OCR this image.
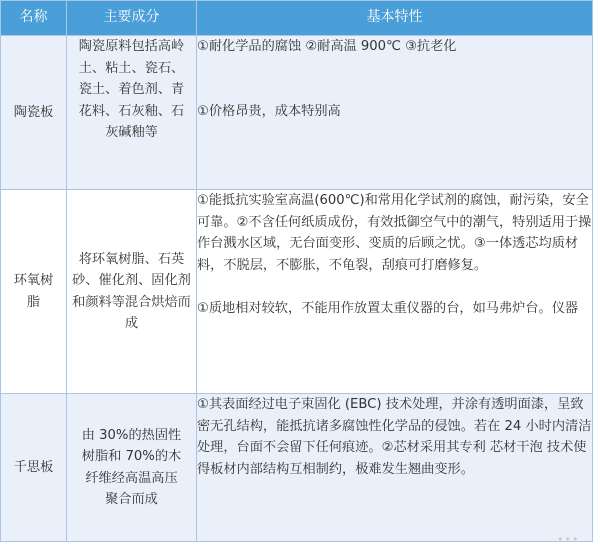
名称	主要成分	基本特性

陶瓷板	陶瓷原料包括高岭土、粘土、瓷石、瓷土、着色剂、青花料、石灰釉、石灰碱釉等	①耐化学品的腐蚀 ②耐高温 900℃ ③抗老化
①价格昂贵，成本特别高

环氧树脂	将环氧树脂、石英砂、催化剂、固化剂和颜料等混合烘焙而成	①能抵抗实验室高温(600℃)和常用化学试剂的腐蚀，耐污染，安全可靠。②不含任何纸质成份，有效抵御空气中的潮气，特别适用于操作台溅水区域，无台面变形、变质的后顾之忧。③一体透芯均质材料，不脱层，不膨胀，不龟裂，刮痕可打磨修复。
①质地相对较软，不能用作放置太重仪器的台，如马弗炉台。仪器

千思板	由 30%的热固性树脂和 70%的木纤维经高温高压聚合而成	①其表面经过电子束固化 (EBC) 技术处理，并涂有透明面漆，呈致密无孔结构，能抵抗诸多腐蚀性化学品的侵蚀。若在 24 小时内清洁处理，台面不会留下任何痕迹。②芯材采用其专利 芯材干泡 技术使得板材内部结构互相制约，极难发生翘曲变形。
•••
